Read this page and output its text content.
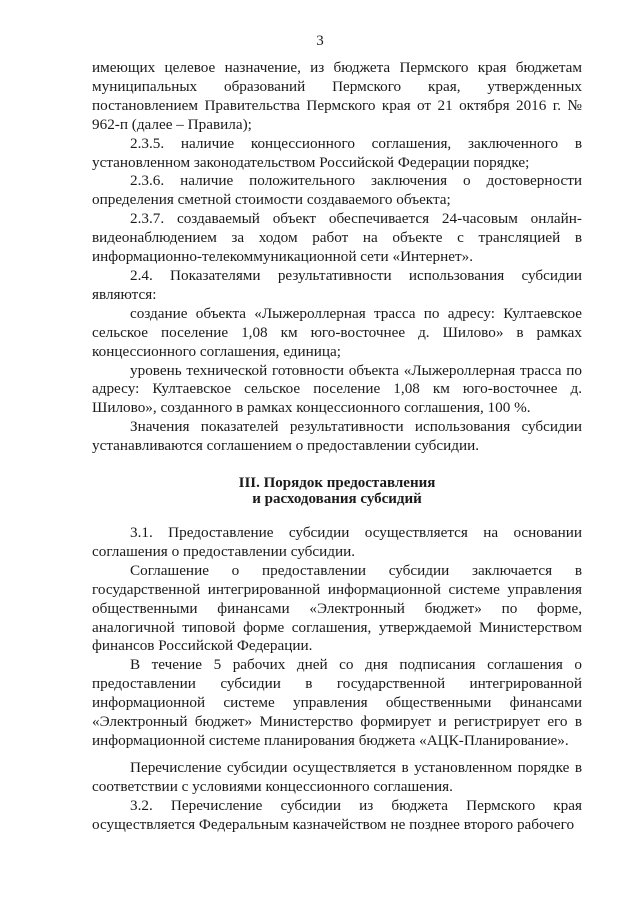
3

имеющих целевое назначение, из бюджета Пермского края бюджетам муниципальных образований Пермского края, утвержденных постановлением Правительства Пермского края от 21 октября 2016 г. № 962-п (далее – Правила);

2.3.5. наличие концессионного соглашения, заключенного в установленном законодательством Российской Федерации порядке;

2.3.6. наличие положительного заключения о достоверности определения сметной стоимости создаваемого объекта;

2.3.7. создаваемый объект обеспечивается 24-часовым онлайн-видеонаблюдением за ходом работ на объекте с трансляцией в информационно-телекоммуникационной сети «Интернет».

2.4. Показателями результативности использования субсидии являются:

создание объекта «Лыжероллерная трасса по адресу: Култаевское сельское поселение 1,08 км юго-восточнее д. Шилово» в рамках концессионного соглашения, единица;

уровень технической готовности объекта «Лыжероллерная трасса по адресу: Култаевское сельское поселение 1,08 км юго-восточнее д. Шилово», созданного в рамках концессионного соглашения, 100 %.

Значения показателей результативности использования субсидии устанавливаются соглашением о предоставлении субсидии.

III. Порядок предоставления
и расходования субсидий

3.1. Предоставление субсидии осуществляется на основании соглашения о предоставлении субсидии.

Соглашение о предоставлении субсидии заключается в государственной интегрированной информационной системе управления общественными финансами «Электронный бюджет» по форме, аналогичной типовой форме соглашения, утверждаемой Министерством финансов Российской Федерации.

В течение 5 рабочих дней со дня подписания соглашения о предоставлении субсидии в государственной интегрированной информационной системе управления общественными финансами «Электронный бюджет» Министерство формирует и регистрирует его в информационной системе планирования бюджета «АЦК-Планирование».

Перечисление субсидии осуществляется в установленном порядке в соответствии с условиями концессионного соглашения.

3.2. Перечисление субсидии из бюджета Пермского края осуществляется Федеральным казначейством не позднее второго рабочего
